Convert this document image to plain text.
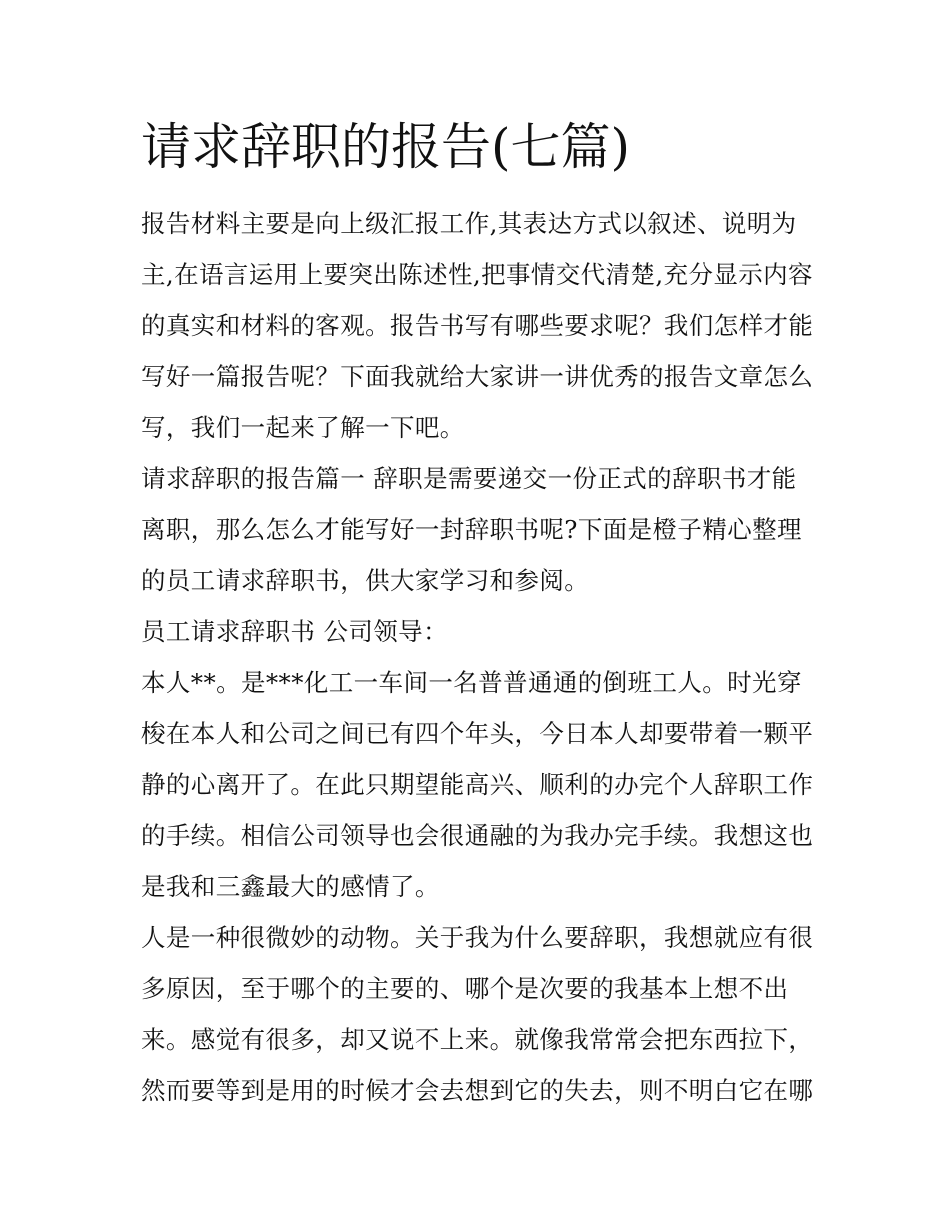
请求辞职的报告(七篇)
报告材料主要是向上级汇报工作,其表达方式以叙述、说明为
主,在语言运用上要突出陈述性,把事情交代清楚,充分显示内容
的真实和材料的客观。报告书写有哪些要求呢？我们怎样才能
写好一篇报告呢？下面我就给大家讲一讲优秀的报告文章怎么
写，我们一起来了解一下吧。
请求辞职的报告篇一 辞职是需要递交一份正式的辞职书才能
离职，那么怎么才能写好一封辞职书呢?下面是橙子精心整理
的员工请求辞职书，供大家学习和参阅。
员工请求辞职书 公司领导：
本人**。是***化工一车间一名普普通通的倒班工人。时光穿
梭在本人和公司之间已有四个年头，今日本人却要带着一颗平
静的心离开了。在此只期望能高兴、顺利的办完个人辞职工作
的手续。相信公司领导也会很通融的为我办完手续。我想这也
是我和三鑫最大的感情了。
人是一种很微妙的动物。关于我为什么要辞职，我想就应有很
多原因，至于哪个的主要的、哪个是次要的我基本上想不出
来。感觉有很多，却又说不上来。就像我常常会把东西拉下，
然而要等到是用的时候才会去想到它的失去，则不明白它在哪
